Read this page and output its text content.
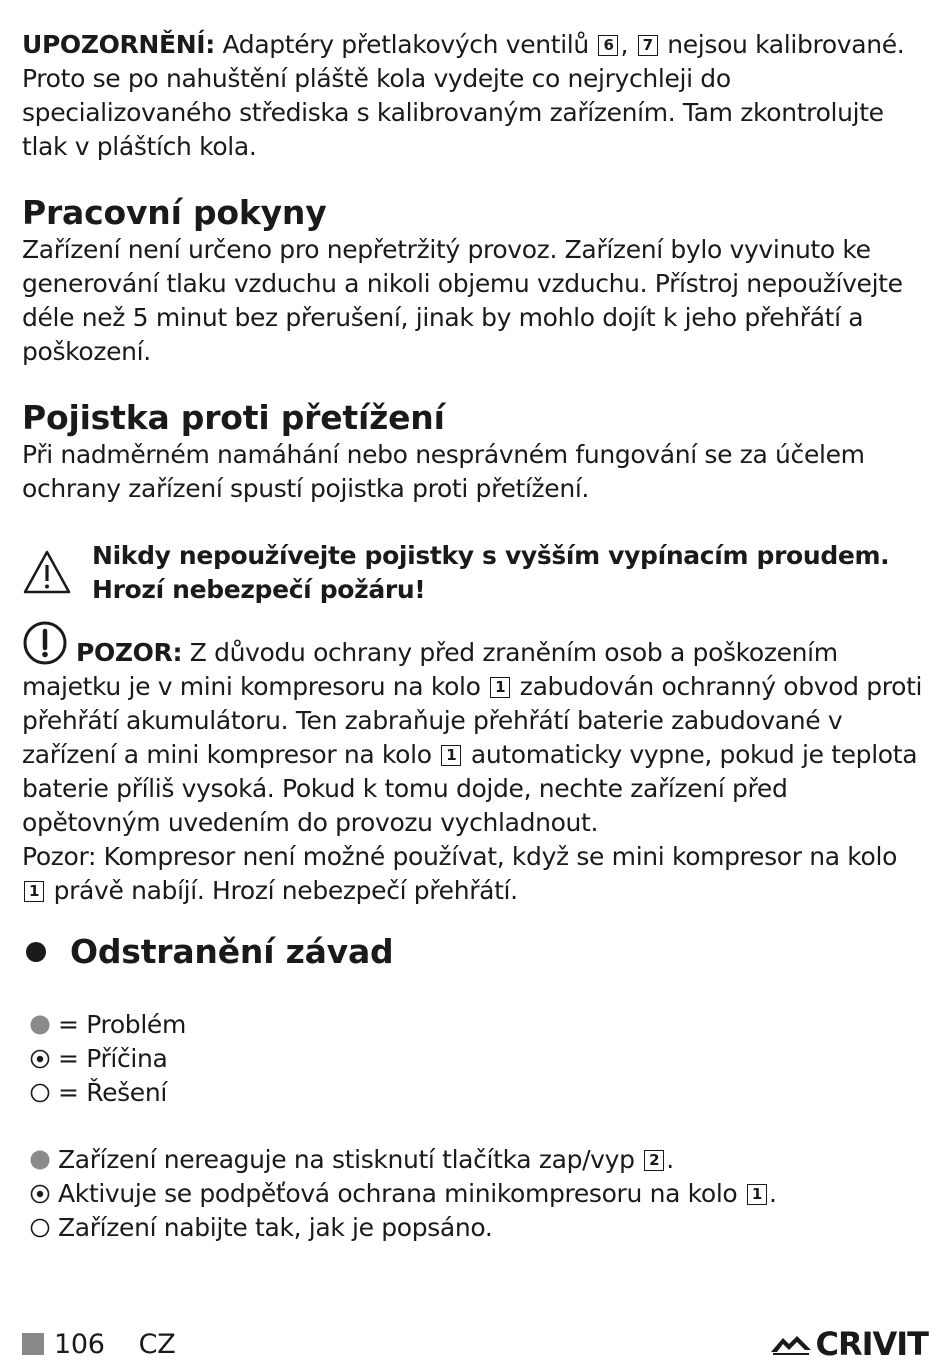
UPOZORNĚNÍ: Adaptéry přetlakových ventilů 6 , 7 nejsou kalibrované. Proto se po nahuštění pláště kola vydejte co nejrychleji do specializovaného střediska s kalibrovaným zařízením. Tam zkontrolujte tlak v pláštích kola.

Pracovní pokyny

Zařízení není určeno pro nepřetržitý provoz. Zařízení bylo vyvinuto ke generování tlaku vzduchu a nikoli objemu vzduchu. Přístroj nepoužívejte déle než 5 minut bez přerušení, jinak by mohlo dojít k jeho přehřátí a poškození.

Pojistka proti přetížení

Při nadměrném namáhání nebo nesprávném fungování se za účelem ochrany zařízení spustí pojistka proti přetížení.

Nikdy nepoužívejte pojistky s vyšším vypínacím proudem.

Hrozí nebezpečí požáru!

POZOR: Z důvodu ochrany před zraněním osob a poškozením majetku je v mini kompresoru na kolo 1 zabudován ochranný obvod proti přehřátí akumulátoru. Ten zabraňuje přehřátí baterie zabudované v zařízení a mini kompresor na kolo 1 automaticky vypne, pokud je teplota baterie příliš vysoká. Pokud k tomu dojde, nechte zařízení před opětovným uvedením do provozu vychladnout.

Pozor: Kompresor není možné používat, když se mini kompresor na kolo 1 právě nabíjí. Hrozí nebezpečí přehřátí.

Odstranění závad

= Problém

= Příčina

= Řešení

Zařízení nereaguje na stisknutí tlačítka zap/vyp 2 .

Aktivuje se podpěťová ochrana minikompresoru na kolo 1 .

Zařízení nabijte tak, jak je popsáno.

106 CZ	CRIVIT
